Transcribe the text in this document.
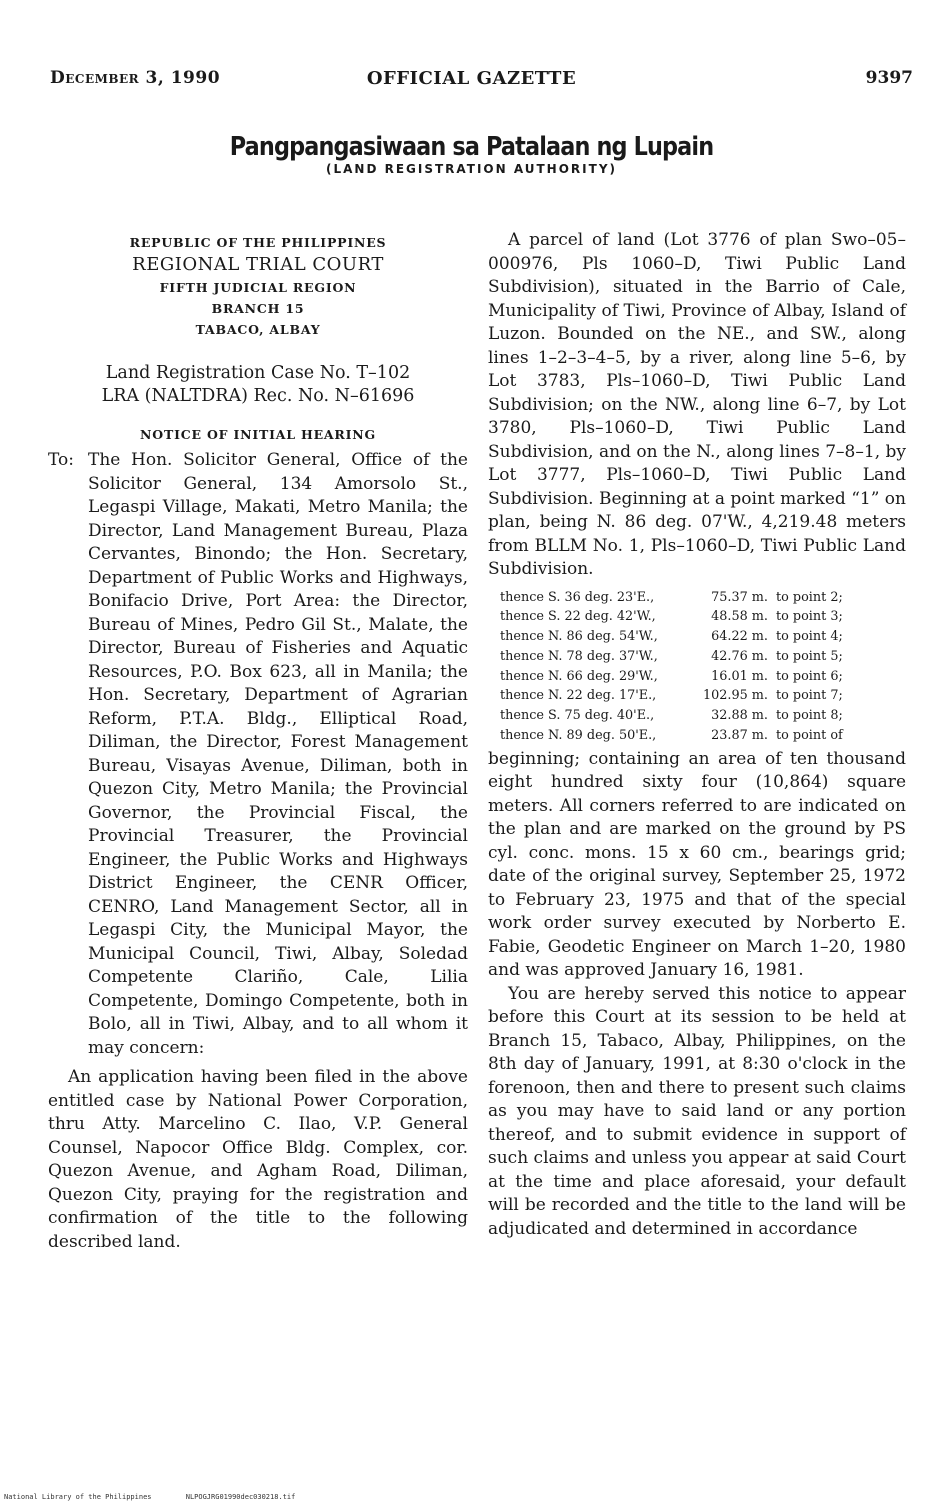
December 3, 1990	OFFICIAL GAZETTE	9397
Pangpangasiwaan sa Patalaan ng Lupain
(LAND REGISTRATION AUTHORITY)
REPUBLIC OF THE PHILIPPINES
REGIONAL TRIAL COURT
FIFTH JUDICIAL REGION
BRANCH 15
TABACO, ALBAY
Land Registration Case No. T–102
LRA (NALTDRA) Rec. No. N–61696
NOTICE OF INITIAL HEARING
To: The Hon. Solicitor General, Office of the Solicitor General, 134 Amorsolo St., Legaspi Village, Makati, Metro Manila; the Director, Land Management Bureau, Plaza Cervantes, Binondo; the Hon. Secretary, Department of Public Works and Highways, Bonifacio Drive, Port Area: the Director, Bureau of Mines, Pedro Gil St., Malate, the Director, Bureau of Fisheries and Aquatic Resources, P.O. Box 623, all in Manila; the Hon. Secretary, Department of Agrarian Reform, P.T.A. Bldg., Elliptical Road, Diliman, the Director, Forest Management Bureau, Visayas Avenue, Diliman, both in Quezon City, Metro Manila; the Provincial Governor, the Provincial Fiscal, the Provincial Treasurer, the Provincial Engineer, the Public Works and Highways District Engineer, the CENR Officer, CENRO, Land Management Sector, all in Legaspi City, the Municipal Mayor, the Municipal Council, Tiwi, Albay, Soledad Competente Clariño, Cale, Lilia Competente, Domingo Competente, both in Bolo, all in Tiwi, Albay, and to all whom it may concern:

An application having been filed in the above entitled case by National Power Corporation, thru Atty. Marcelino C. Ilao, V.P. General Counsel, Napocor Office Bldg. Complex, cor. Quezon Avenue, and Agham Road, Diliman, Quezon City, praying for the registration and confirmation of the title to the following described land.

A parcel of land (Lot 3776 of plan Swo–05–000976, Pls 1060–D, Tiwi Public Land Subdivision), situated in the Barrio of Cale, Municipality of Tiwi, Province of Albay, Island of Luzon. Bounded on the NE., and SW., along lines 1–2–3–4–5, by a river, along line 5–6, by Lot 3783, Pls–1060–D, Tiwi Public Land Subdivision; on the NW., along line 6–7, by Lot 3780, Pls–1060–D, Tiwi Public Land Subdivision, and on the N., along lines 7–8–1, by Lot 3777, Pls–1060–D, Tiwi Public Land Subdivision. Beginning at a point marked “1” on plan, being N. 86 deg. 07'W., 4,219.48 meters from BLLM No. 1, Pls–1060–D, Tiwi Public Land Subdivision.

thence S. 36 deg. 23'E.,	75.37 m. to point 2;
thence S. 22 deg. 42'W.,	48.58 m. to point 3;
thence N. 86 deg. 54'W.,	64.22 m. to point 4;
thence N. 78 deg. 37'W.,	42.76 m. to point 5;
thence N. 66 deg. 29'W.,	16.01 m. to point 6;
thence N. 22 deg. 17'E.,	102.95 m. to point 7;
thence S. 75 deg. 40'E.,	32.88 m. to point 8;
thence N. 89 deg. 50'E.,	23.87 m. to point of

beginning; containing an area of ten thousand eight hundred sixty four (10,864) square meters. All corners referred to are indicated on the plan and are marked on the ground by PS cyl. conc. mons. 15 x 60 cm., bearings grid; date of the original survey, September 25, 1972 to February 23, 1975 and that of the special work order survey executed by Norberto E. Fabie, Geodetic Engineer on March 1–20, 1980 and was approved January 16, 1981.

You are hereby served this notice to appear before this Court at its session to be held at Branch 15, Tabaco, Albay, Philippines, on the 8th day of January, 1991, at 8:30 o'clock in the forenoon, then and there to present such claims as you may have to said land or any portion thereof, and to submit evidence in support of such claims and unless you appear at said Court at the time and place aforesaid, your default will be recorded and the title to the land will be adjudicated and determined in accordance

National Library of the Philippines	NLPOGJRG01990dec030218.tif
